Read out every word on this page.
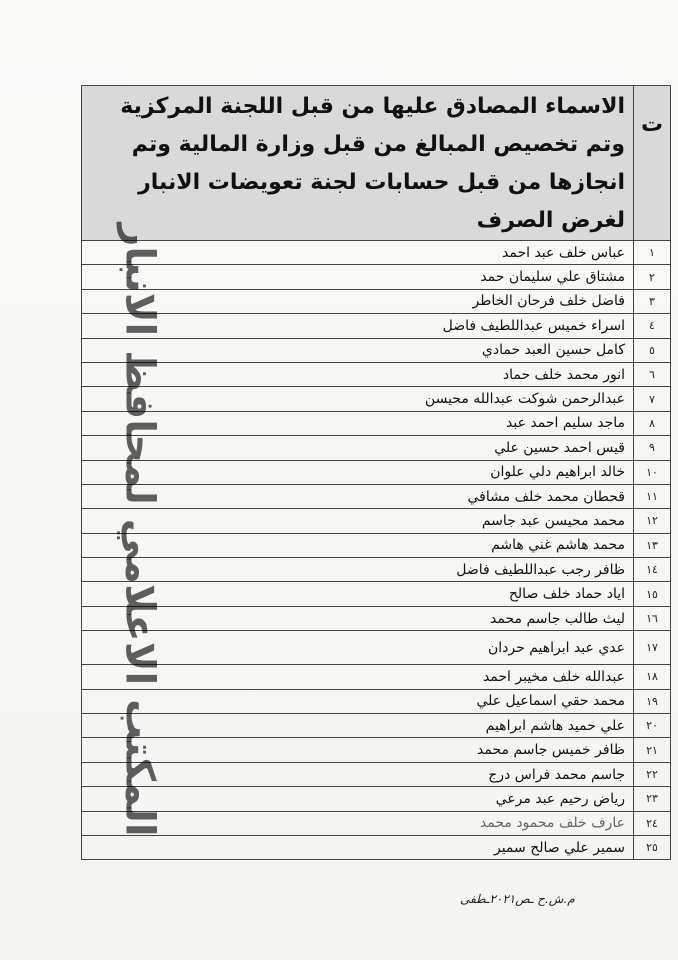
ت	الاسماء المصادق عليها من قبل اللجنة المركزية وتم تخصيص المبالغ من قبل وزارة المالية وتم انجازها من قبل حسابات لجنة تعويضات الانبار لغرض الصرف
١	عباس خلف عبد احمد
٢	مشتاق علي سليمان حمد
٣	فاضل خلف فرحان الخاطر
٤	اسراء خميس عبداللطيف فاضل
٥	كامل حسين العبد حمادي
٦	انور محمد خلف حماد
٧	عبدالرحمن شوكت عبدالله محيسن
٨	ماجد سليم احمد عبد
٩	قيس احمد حسين علي
١٠	خالد ابراهيم دلي علوان
١١	قحطان محمد خلف مشافي
١٢	محمد محيسن عبد جاسم
١٣	محمد هاشم غني هاشم
١٤	ظافر رجب عبداللطيف فاضل
١٥	اياد حماد خلف صالح
١٦	ليث طالب جاسم محمد
١٧	عدي عبد ابراهيم حردان
١٨	عبدالله خلف مخيبر احمد
١٩	محمد حقي اسماعيل علي
٢٠	علي حميد هاشم ابراهيم
٢١	ظافر خميس جاسم محمد
٢٢	جاسم محمد فراس درج
٢٣	رياض رحيم عبد مرعي
٢٤	عارف خلف محمود محمد
٢٥	سمير علي صالح سمير
المكتب الاعلامي لمحافظ الانبار
م.ش.ح ـص٢٠٢١ـطفى
